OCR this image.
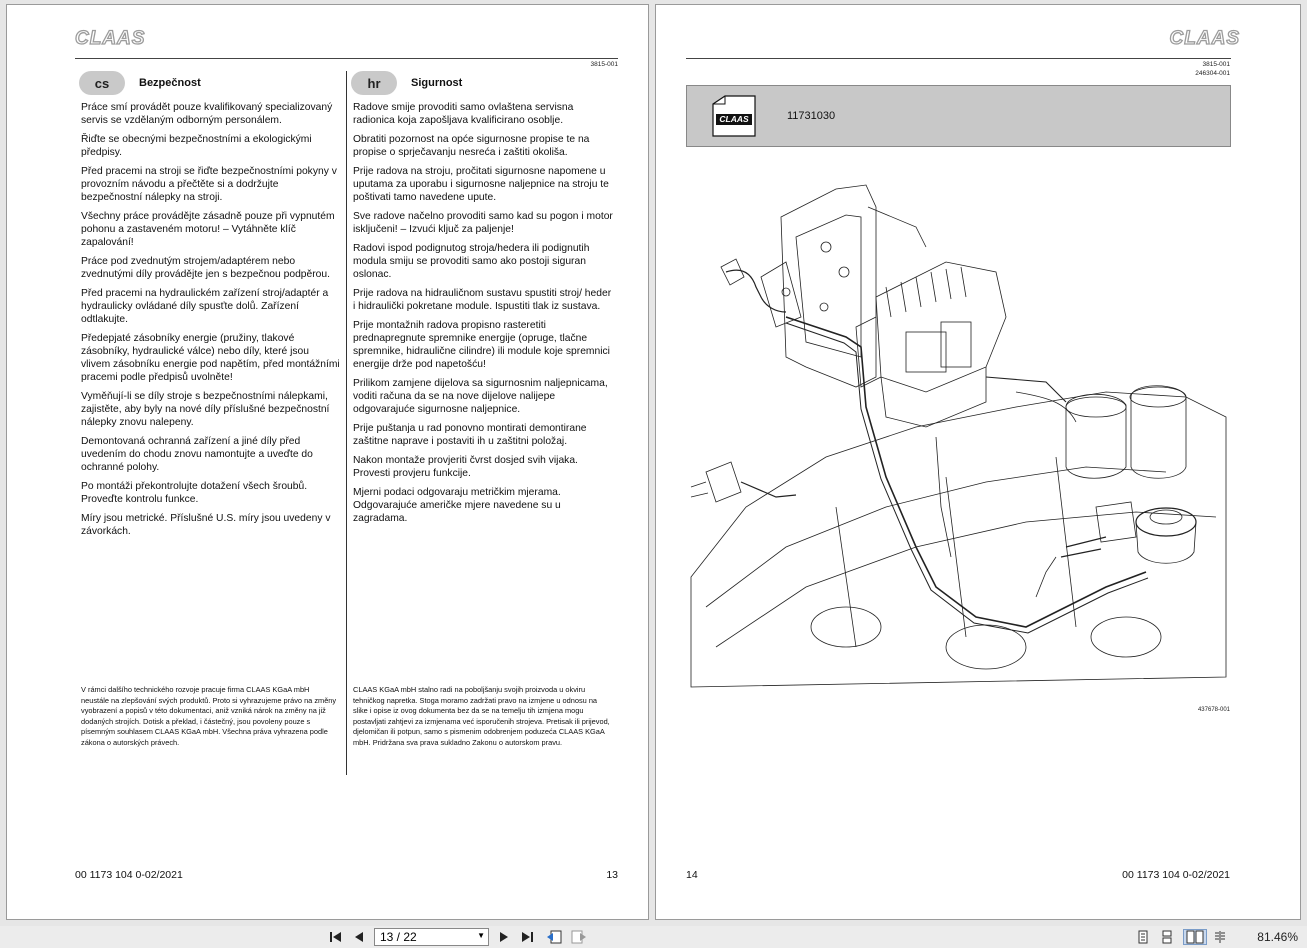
CLAAS
3815-001
cs	Bezpečnost

Práce smí provádět pouze kvalifikovaný specializovaný servis se vzdělaným odborným personálem.

Řiďte se obecnými bezpečnostními a ekologickými předpisy.

Před pracemi na stroji se řiďte bezpečnostními pokyny v provozním návodu a přečtěte si a dodržujte bezpečnostní nálepky na stroji.

Všechny práce provádějte zásadně pouze při vypnutém pohonu a zastaveném motoru! – Vytáhněte klíč zapalování!

Práce pod zvednutým strojem/adaptérem nebo zvednutými díly provádějte jen s bezpečnou podpěrou.

Před pracemi na hydraulickém zařízení stroj/adaptér a hydraulicky ovládané díly spusťte dolů. Zařízení odtlakujte.

Předepjaté zásobníky energie (pružiny, tlakové zásobníky, hydraulické válce) nebo díly, které jsou vlivem zásobníku energie pod napětím, před montážními pracemi podle předpisů uvolněte!

Vyměňují-li se díly stroje s bezpečnostními nálepkami, zajistěte, aby byly na nové díly příslušné bezpečnostní nálepky znovu nalepeny.

Demontovaná ochranná zařízení a jiné díly před uvedením do chodu znovu namontujte a uveďte do ochranné polohy.

Po montáži překontrolujte dotažení všech šroubů. Proveďte kontrolu funkce.

Míry jsou metrické. Příslušné U.S. míry jsou uvedeny v závorkách.

hr	Sigurnost

Radove smije provoditi samo ovlaštena servisna radionica koja zapošljava kvalificirano osoblje.

Obratiti pozornost na opće sigurnosne propise te na propise o sprječavanju nesreća i zaštiti okoliša.

Prije radova na stroju, pročitati sigurnosne napomene u uputama za uporabu i sigurnosne naljepnice na stroju te poštivati tamo navedene upute.

Sve radove načelno provoditi samo kad su pogon i motor isključeni! – Izvući ključ za paljenje!

Radovi ispod podignutog stroja/hedera ili podignutih modula smiju se provoditi samo ako postoji siguran oslonac.

Prije radova na hidrauličnom sustavu spustiti stroj/ heder i hidraulički pokretane module. Ispustiti tlak iz sustava.

Prije montažnih radova propisno rasteretiti prednapregnute spremnike energije (opruge, tlačne spremnike, hidraulične cilindre) ili module koje spremnici energije drže pod napetošću!

Prilikom zamjene dijelova sa sigurnosnim naljepnicama, voditi računa da se na nove dijelove nalijepe odgovarajuće sigurnosne naljepnice.

Prije puštanja u rad ponovno montirati demontirane zaštitne naprave i postaviti ih u zaštitni položaj.

Nakon montaže provjeriti čvrst dosjed svih vijaka. Provesti provjeru funkcije.

Mjerni podaci odgovaraju metričkim mjerama. Odgovarajuće američke mjere navedene su u zagradama.

V rámci dalšího technického rozvoje pracuje firma CLAAS KGaA mbH neustále na zlepšování svých produktů. Proto si vyhrazujeme právo na změny vyobrazení a popisů v této dokumentaci, aniž vzniká nárok na změny na již dodaných strojích. Dotisk a překlad, i částečný, jsou povoleny pouze s písemným souhlasem CLAAS KGaA mbH. Všechna práva vyhrazena podle zákona o autorských právech.
CLAAS KGaA mbH stalno radi na poboljšanju svojih proizvoda u okviru tehničkog napretka. Stoga moramo zadržati pravo na izmjene u odnosu na slike i opise iz ovog dokumenta bez da se na temelju tih izmjena mogu postavljati zahtjevi za izmjenama već isporučenih strojeva. Pretisak ili prijevod, djelomičan ili potpun, samo s pismenim odobrenjem poduzeća CLAAS KGaA mbH. Pridržana sva prava sukladno Zakonu o autorskom pravu.
00 1173 104 0-02/2021	13
CLAAS
3815-001
246304-001
CLAAS	11731030
437678-001
14	00 1173 104 0-02/2021
13 / 22	▼	81.46%
